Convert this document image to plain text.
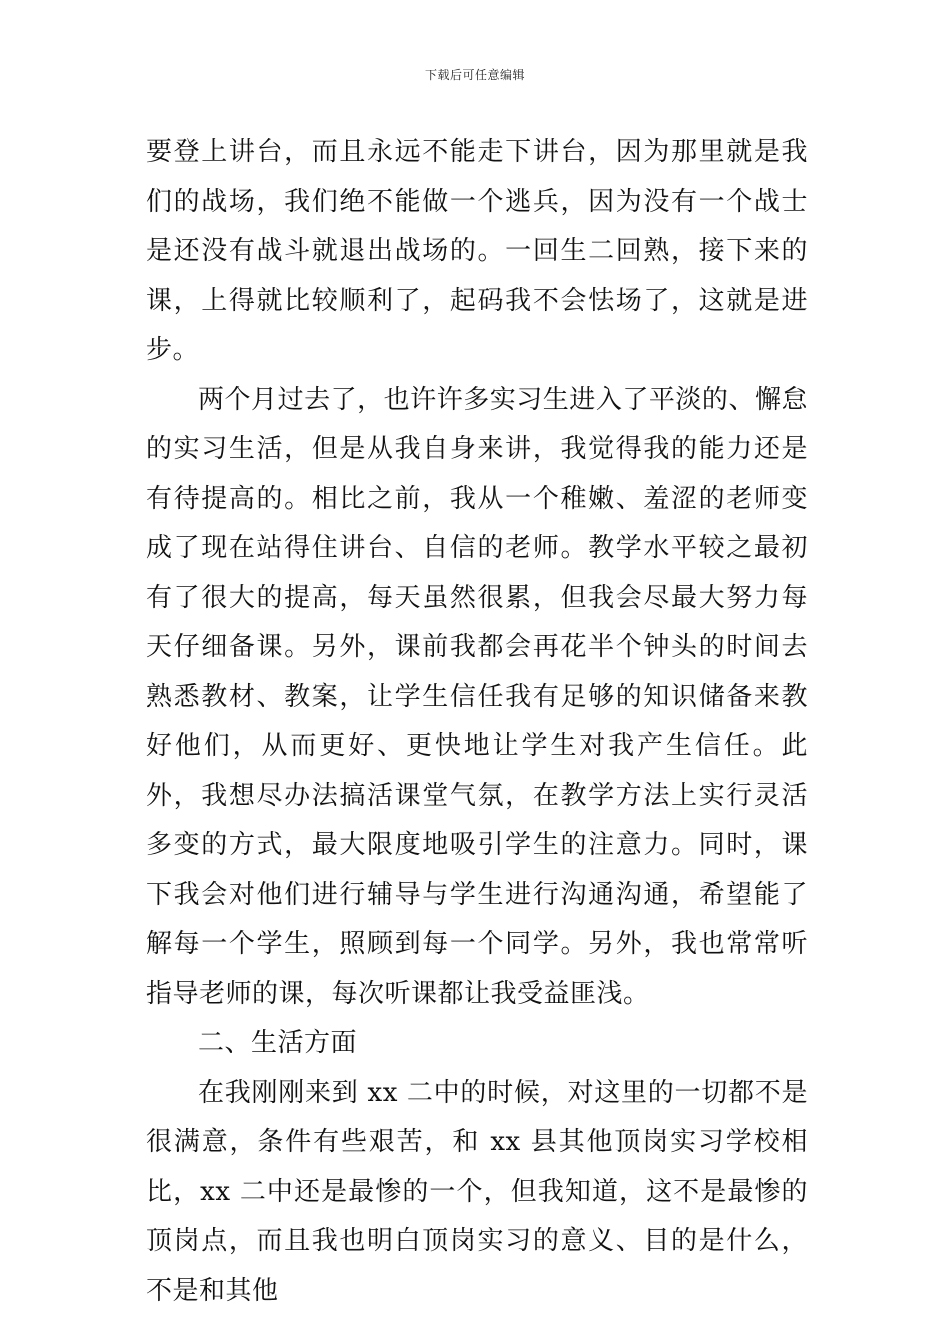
下载后可任意编辑

要登上讲台，而且永远不能走下讲台，因为那里就是我们的战场，我们绝不能做一个逃兵，因为没有一个战士是还没有战斗就退出战场的。一回生二回熟，接下来的课，上得就比较顺利了，起码我不会怯场了，这就是进步。

两个月过去了，也许许多实习生进入了平淡的、懈怠的实习生活，但是从我自身来讲，我觉得我的能力还是有待提高的。相比之前，我从一个稚嫩、羞涩的老师变成了现在站得住讲台、自信的老师。教学水平较之最初有了很大的提高，每天虽然很累，但我会尽最大努力每天仔细备课。另外，课前我都会再花半个钟头的时间去熟悉教材、教案，让学生信任我有足够的知识储备来教好他们，从而更好、更快地让学生对我产生信任。此外，我想尽办法搞活课堂气氛，在教学方法上实行灵活多变的方式，最大限度地吸引学生的注意力。同时，课下我会对他们进行辅导与学生进行沟通沟通，希望能了解每一个学生，照顾到每一个同学。另外，我也常常听指导老师的课，每次听课都让我受益匪浅。

二、生活方面

在我刚刚来到 xx 二中的时候，对这里的一切都不是很满意，条件有些艰苦，和 xx 县其他顶岗实习学校相比，xx 二中还是最惨的一个，但我知道，这不是最惨的顶岗点，而且我也明白顶岗实习的意义、目的是什么，不是和其他
